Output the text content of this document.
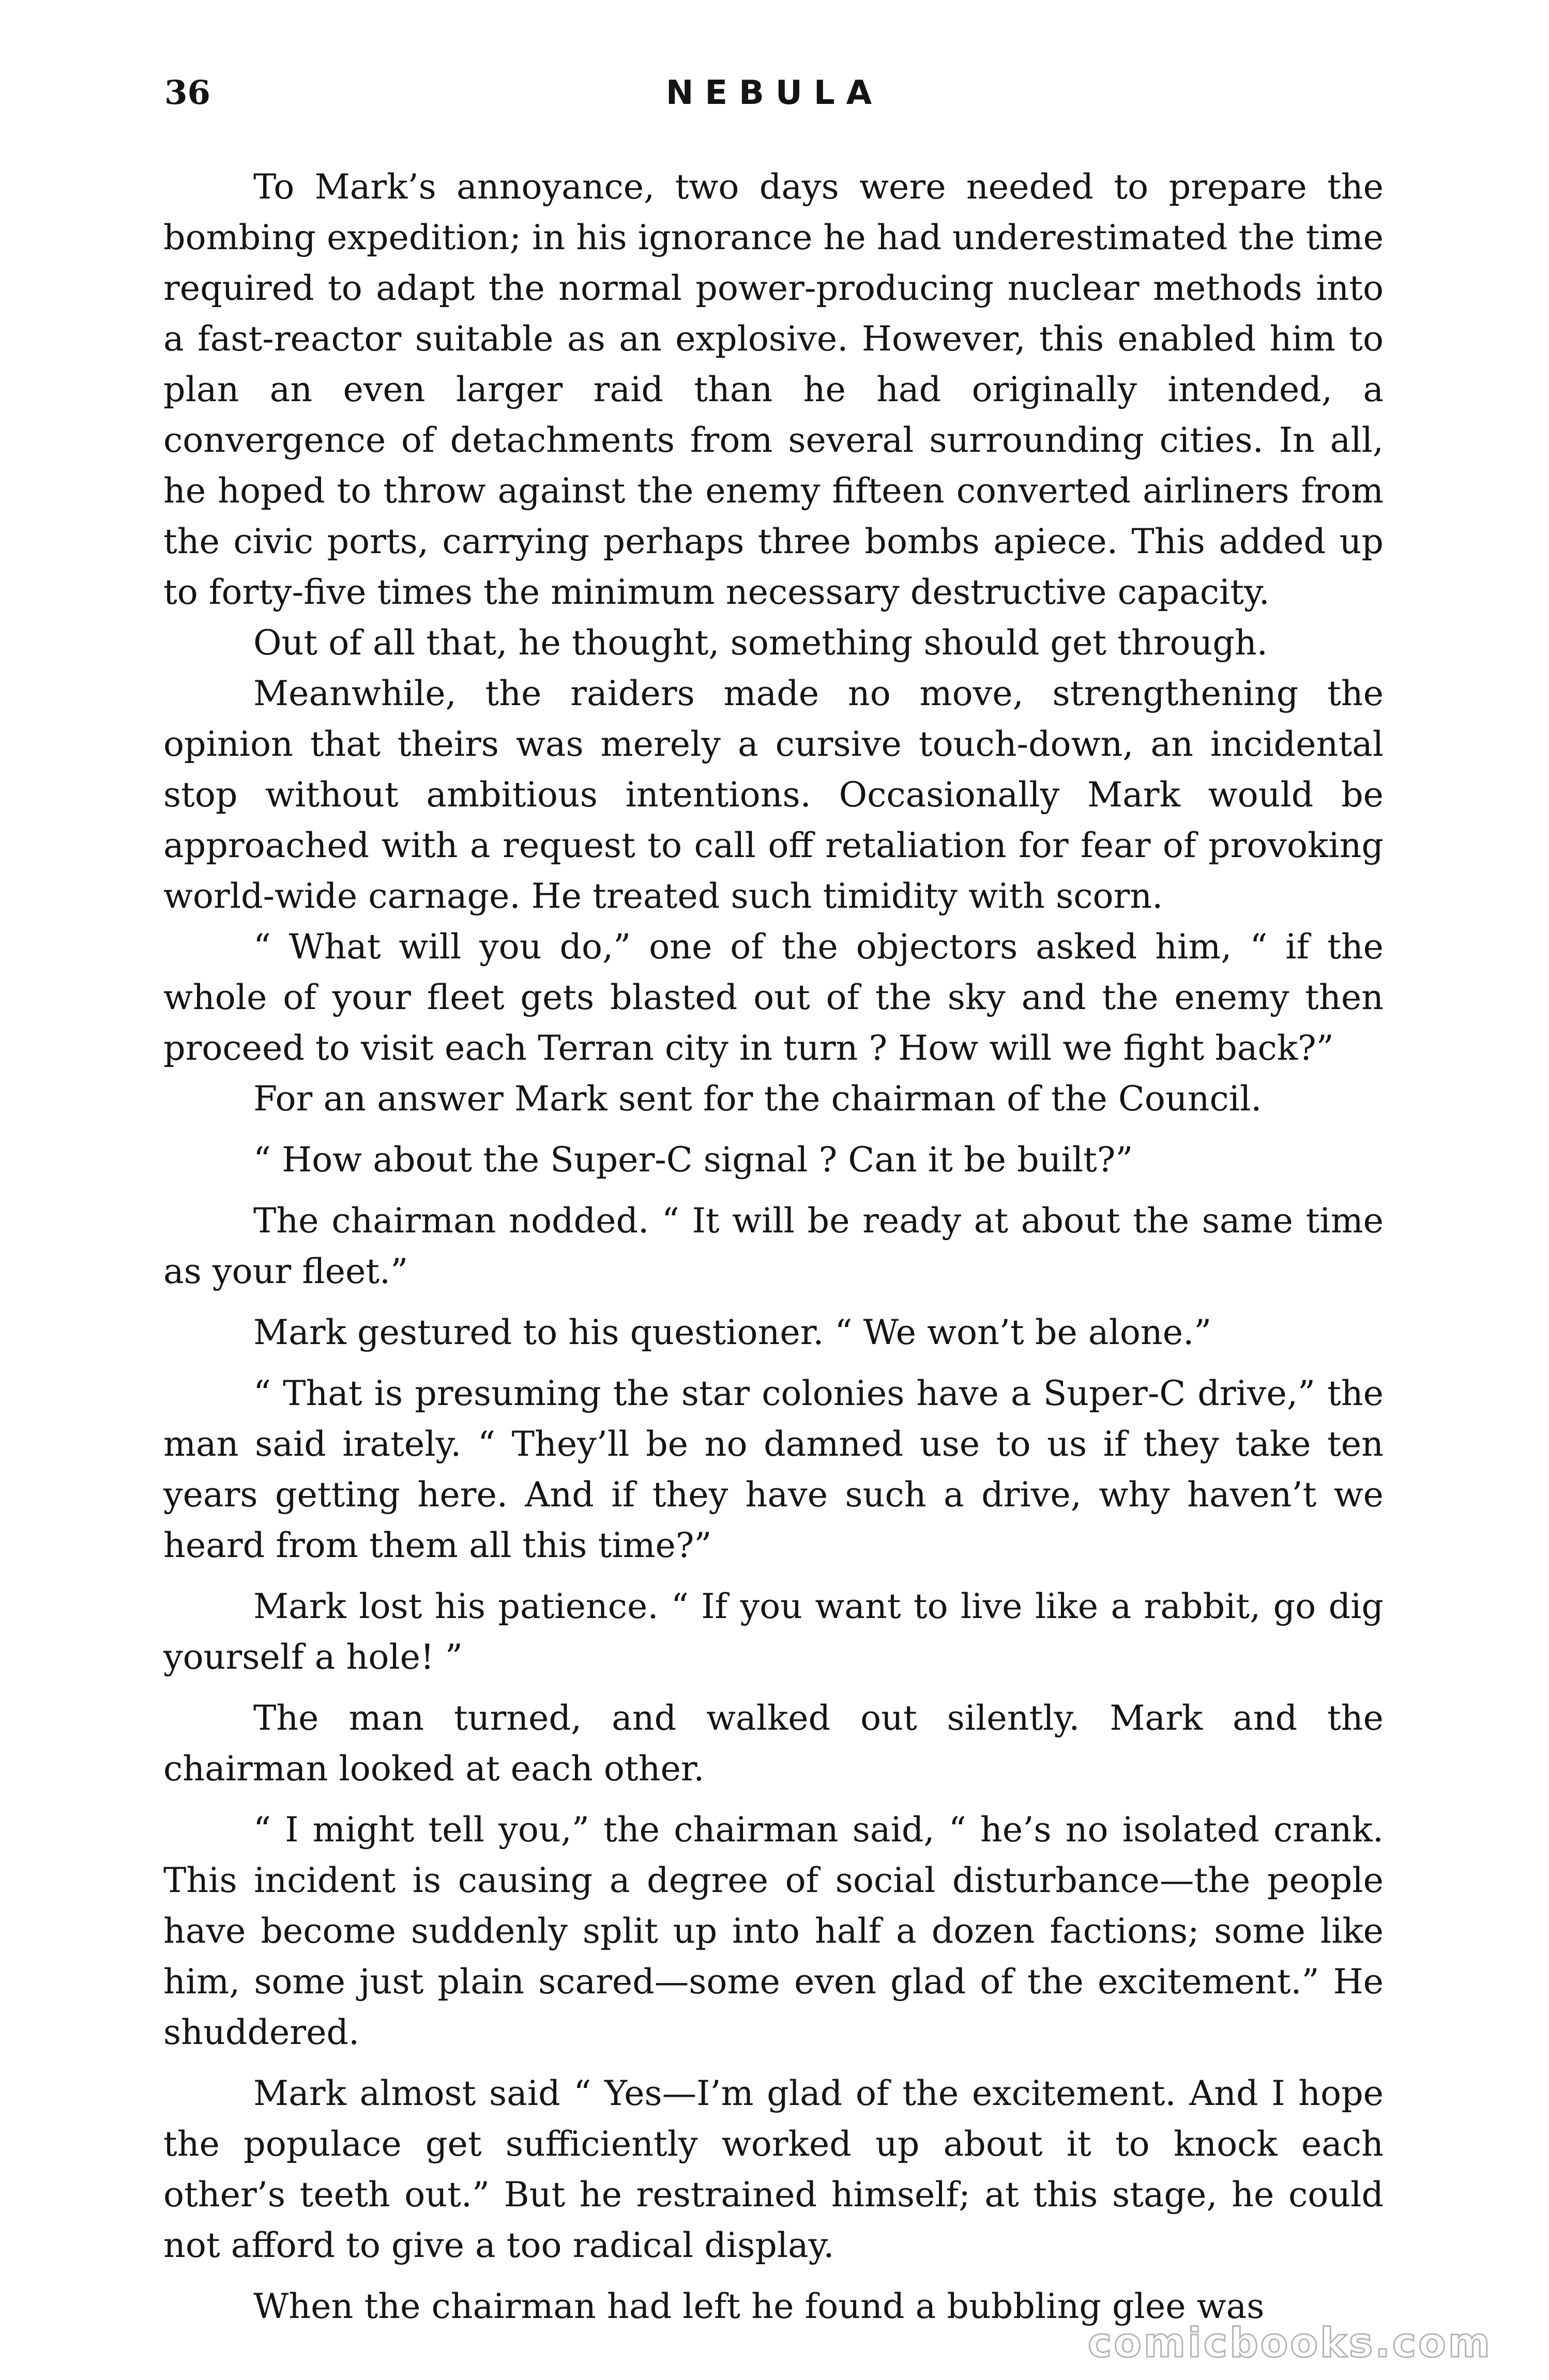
36	NEBULA

To Mark’s annoyance, two days were needed to prepare the bombing expedition; in his ignorance he had underestimated the time required to adapt the normal power-producing nuclear methods into a fast-reactor suitable as an explosive. However, this enabled him to plan an even larger raid than he had originally intended, a convergence of detachments from several surrounding cities. In all, he hoped to throw against the enemy fifteen converted airliners from the civic ports, carrying perhaps three bombs apiece. This added up to forty-five times the minimum necessary destructive capacity.

Out of all that, he thought, something should get through.

Meanwhile, the raiders made no move, strengthening the opinion that theirs was merely a cursive touch-down, an incidental stop without ambitious intentions. Occasionally Mark would be approached with a request to call off retaliation for fear of provoking world-wide carnage. He treated such timidity with scorn.

“ What will you do,” one of the objectors asked him, “ if the whole of your fleet gets blasted out of the sky and the enemy then proceed to visit each Terran city in turn ? How will we fight back?”

For an answer Mark sent for the chairman of the Council.

“ How about the Super-C signal ? Can it be built?”

The chairman nodded. “ It will be ready at about the same time as your fleet.”

Mark gestured to his questioner. “ We won’t be alone.”

“ That is presuming the star colonies have a Super-C drive,” the man said irately. “ They’ll be no damned use to us if they take ten years getting here. And if they have such a drive, why haven’t we heard from them all this time?”

Mark lost his patience. “ If you want to live like a rabbit, go dig yourself a hole! ”

The man turned, and walked out silently. Mark and the chairman looked at each other.

“ I might tell you,” the chairman said, “ he’s no isolated crank. This incident is causing a degree of social disturbance—the people have become suddenly split up into half a dozen factions; some like him, some just plain scared—some even glad of the excitement.” He shuddered.

Mark almost said “ Yes—I’m glad of the excitement. And I hope the populace get sufficiently worked up about it to knock each other’s teeth out.” But he restrained himself; at this stage, he could not afford to give a too radical display.

When the chairman had left he found a bubbling glee was

comicbooks.com
